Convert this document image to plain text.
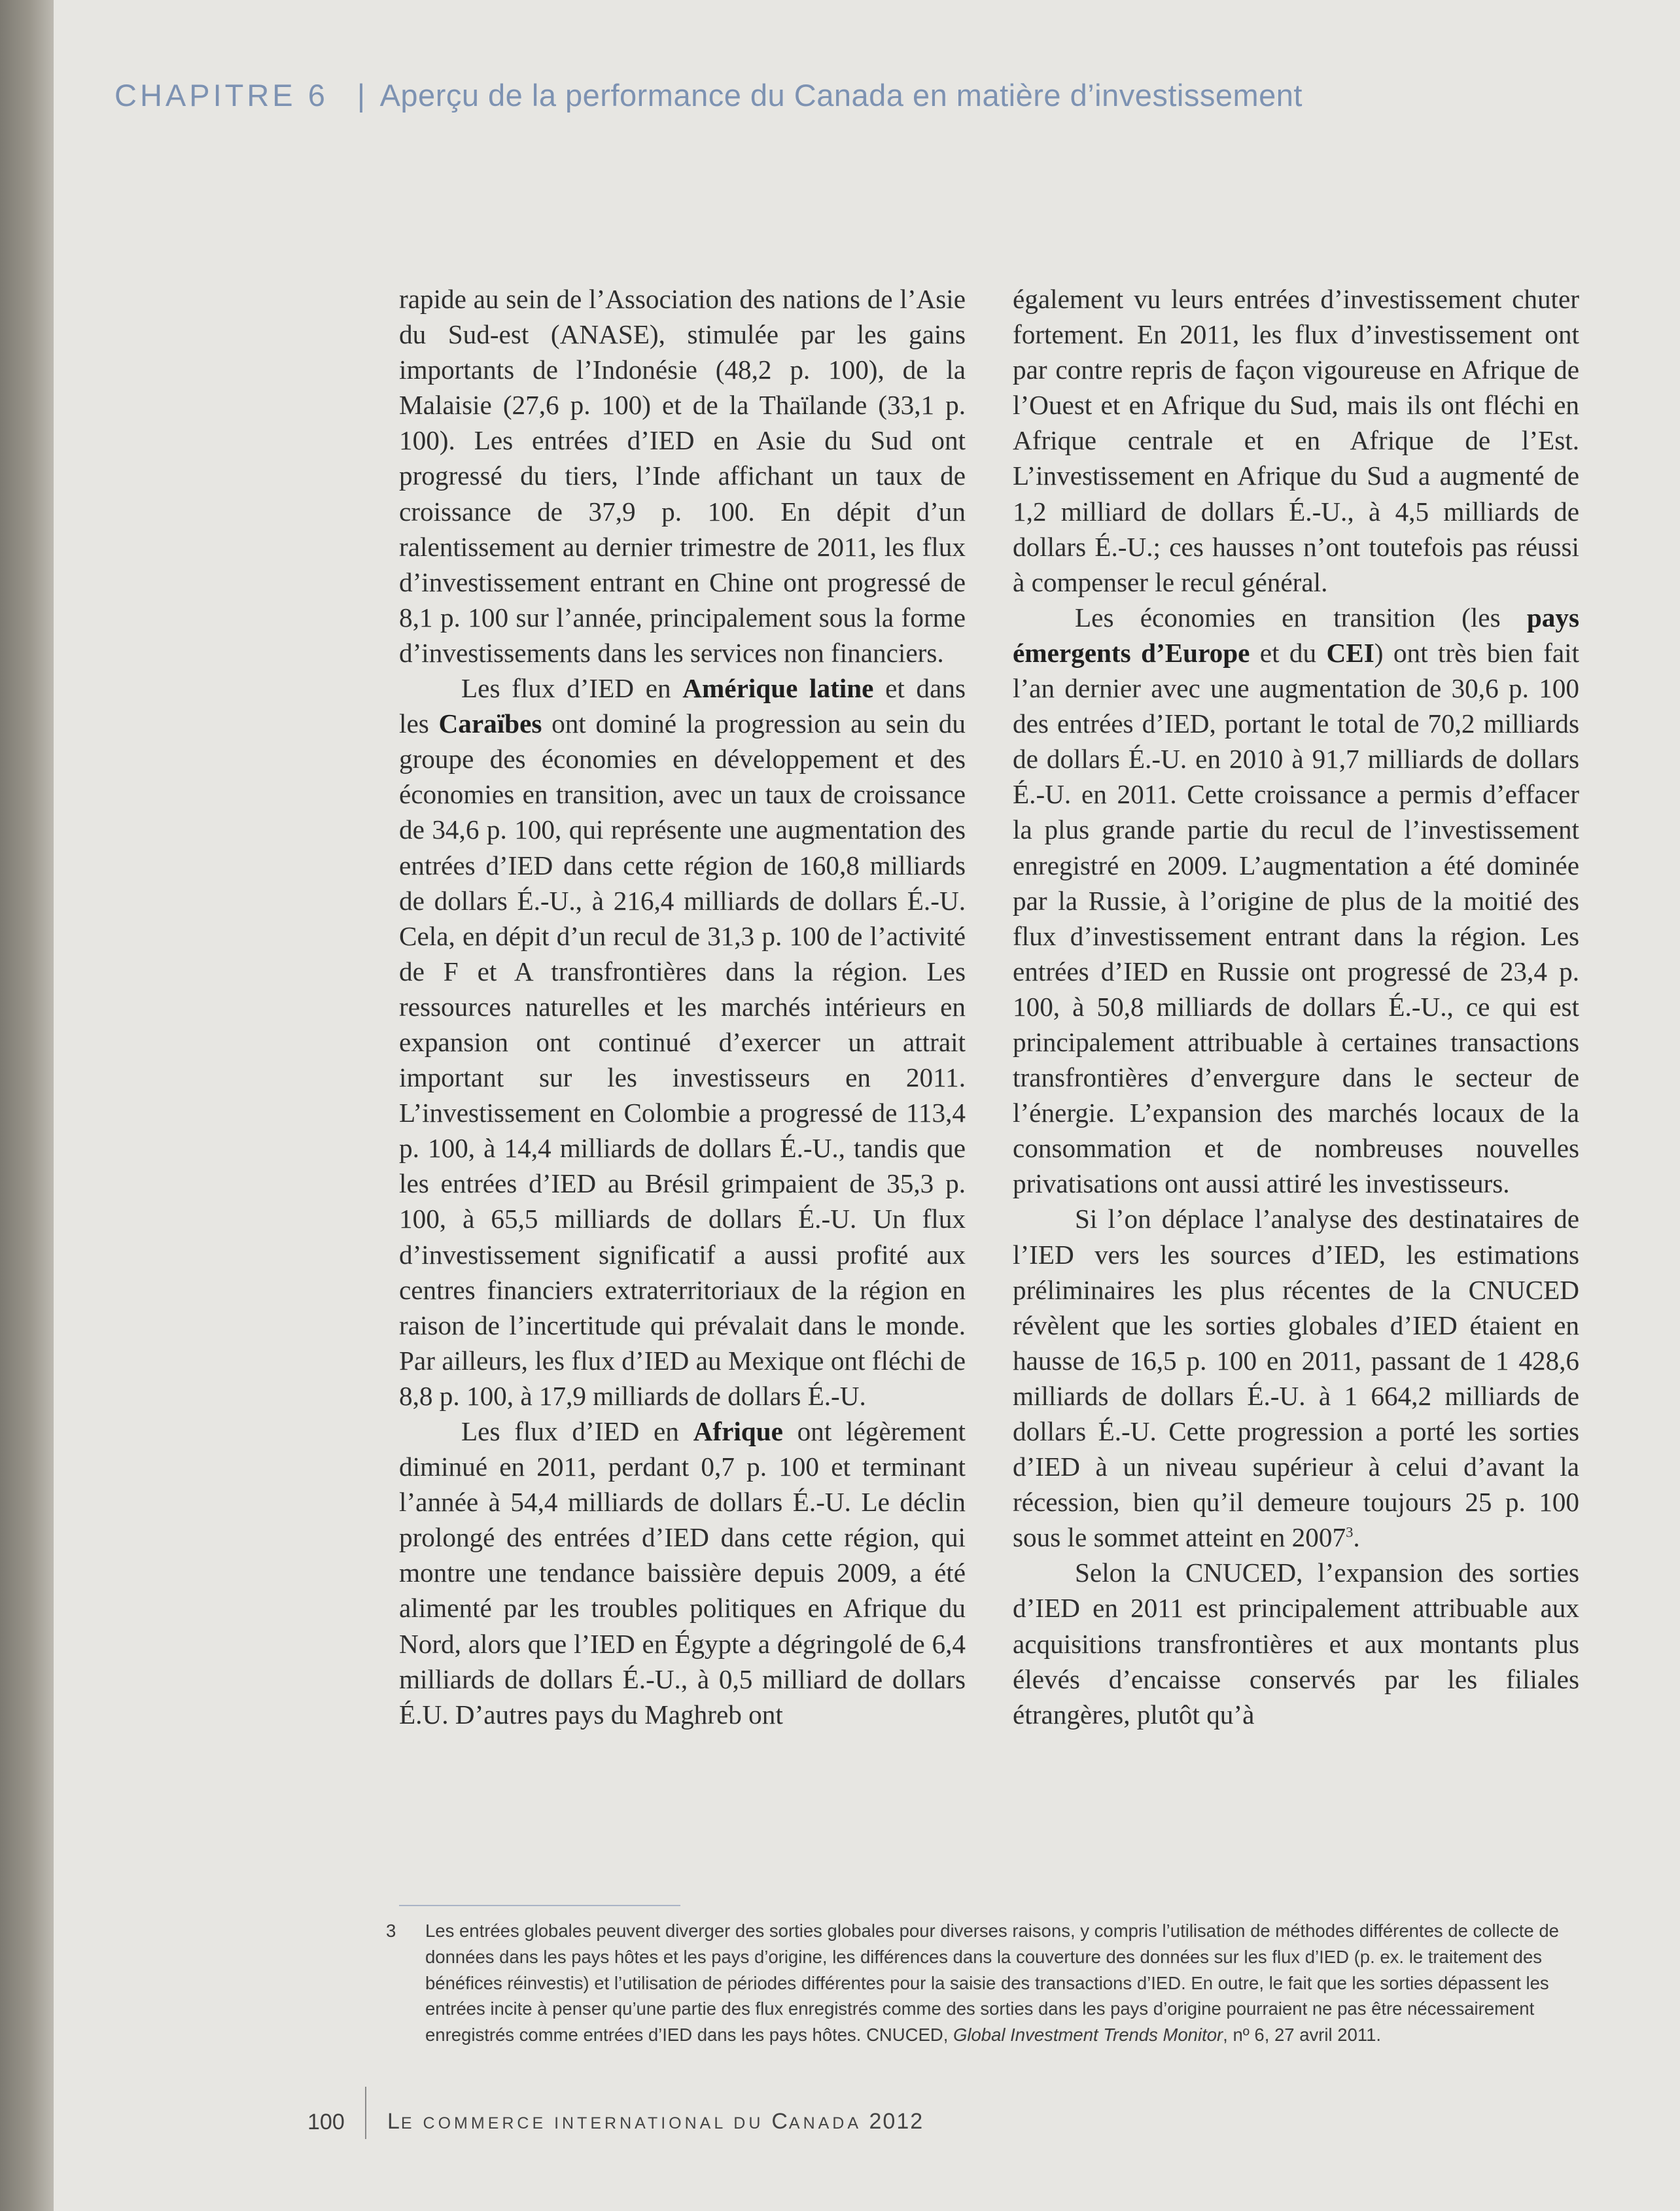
CHAPITRE 6 | Aperçu de la performance du Canada en matière d’investissement

rapide au sein de l’Association des nations de l’Asie du Sud-est (ANASE), stimulée par les gains importants de l’Indonésie (48,2 p. 100), de la Malaisie (27,6 p. 100) et de la Thaïlande (33,1 p. 100). Les entrées d’IED en Asie du Sud ont progressé du tiers, l’Inde affichant un taux de croissance de 37,9 p. 100. En dépit d’un ralentissement au dernier trimestre de 2011, les flux d’investissement entrant en Chine ont progressé de 8,1 p. 100 sur l’année, principalement sous la forme d’investissements dans les services non financiers.

Les flux d’IED en Amérique latine et dans les Caraïbes ont dominé la progression au sein du groupe des économies en développement et des économies en transition, avec un taux de croissance de 34,6 p. 100, qui représente une augmentation des entrées d’IED dans cette région de 160,8 milliards de dollars É.-U., à 216,4 milliards de dollars É.-U. Cela, en dépit d’un recul de 31,3 p. 100 de l’activité de F et A transfrontières dans la région. Les ressources naturelles et les marchés intérieurs en expansion ont continué d’exercer un attrait important sur les investisseurs en 2011. L’investissement en Colombie a progressé de 113,4 p. 100, à 14,4 milliards de dollars É.-U., tandis que les entrées d’IED au Brésil grimpaient de 35,3 p. 100, à 65,5 milliards de dollars É.-U. Un flux d’investissement significatif a aussi profité aux centres financiers extraterritoriaux de la région en raison de l’incertitude qui prévalait dans le monde. Par ailleurs, les flux d’IED au Mexique ont fléchi de 8,8 p. 100, à 17,9 milliards de dollars É.-U.

Les flux d’IED en Afrique ont légèrement diminué en 2011, perdant 0,7 p. 100 et terminant l’année à 54,4 milliards de dollars É.-U. Le déclin prolongé des entrées d’IED dans cette région, qui montre une tendance baissière depuis 2009, a été alimenté par les troubles politiques en Afrique du Nord, alors que l’IED en Égypte a dégringolé de 6,4 milliards de dollars É.-U., à 0,5 milliard de dollars É.U. D’autres pays du Maghreb ont

également vu leurs entrées d’investissement chuter fortement. En 2011, les flux d’investissement ont par contre repris de façon vigoureuse en Afrique de l’Ouest et en Afrique du Sud, mais ils ont fléchi en Afrique centrale et en Afrique de l’Est. L’investissement en Afrique du Sud a augmenté de 1,2 milliard de dollars É.-U., à 4,5 milliards de dollars É.-U.; ces hausses n’ont toutefois pas réussi à compenser le recul général.

Les économies en transition (les pays émergents d’Europe et du CEI) ont très bien fait l’an dernier avec une augmentation de 30,6 p. 100 des entrées d’IED, portant le total de 70,2 milliards de dollars É.-U. en 2010 à 91,7 milliards de dollars É.-U. en 2011. Cette croissance a permis d’effacer la plus grande partie du recul de l’investissement enregistré en 2009. L’augmentation a été dominée par la Russie, à l’origine de plus de la moitié des flux d’investissement entrant dans la région. Les entrées d’IED en Russie ont progressé de 23,4 p. 100, à 50,8 milliards de dollars É.-U., ce qui est principalement attribuable à certaines transactions transfrontières d’envergure dans le secteur de l’énergie. L’expansion des marchés locaux de la consommation et de nombreuses nouvelles privatisations ont aussi attiré les investisseurs.

Si l’on déplace l’analyse des destinataires de l’IED vers les sources d’IED, les estimations préliminaires les plus récentes de la CNUCED révèlent que les sorties globales d’IED étaient en hausse de 16,5 p. 100 en 2011, passant de 1 428,6 milliards de dollars É.-U. à 1 664,2 milliards de dollars É.-U. Cette progression a porté les sorties d’IED à un niveau supérieur à celui d’avant la récession, bien qu’il demeure toujours 25 p. 100 sous le sommet atteint en 2007$^3$.

Selon la CNUCED, l’expansion des sorties d’IED en 2011 est principalement attribuable aux acquisitions transfrontières et aux montants plus élevés d’encaisse conservés par les filiales étrangères, plutôt qu’à

3 Les entrées globales peuvent diverger des sorties globales pour diverses raisons, y compris l’utilisation de méthodes différentes de collecte de données dans les pays hôtes et les pays d’origine, les différences dans la couverture des données sur les flux d’IED (p. ex. le traitement des bénéfices réinvestis) et l’utilisation de périodes différentes pour la saisie des transactions d’IED. En outre, le fait que les sorties dépassent les entrées incite à penser qu’une partie des flux enregistrés comme des sorties dans les pays d’origine pourraient ne pas être nécessairement enregistrés comme entrées d’IED dans les pays hôtes. CNUCED, Global Investment Trends Monitor, nº 6, 27 avril 2011.
100 LE COMMERCE INTERNATIONAL DU CANADA 2012
